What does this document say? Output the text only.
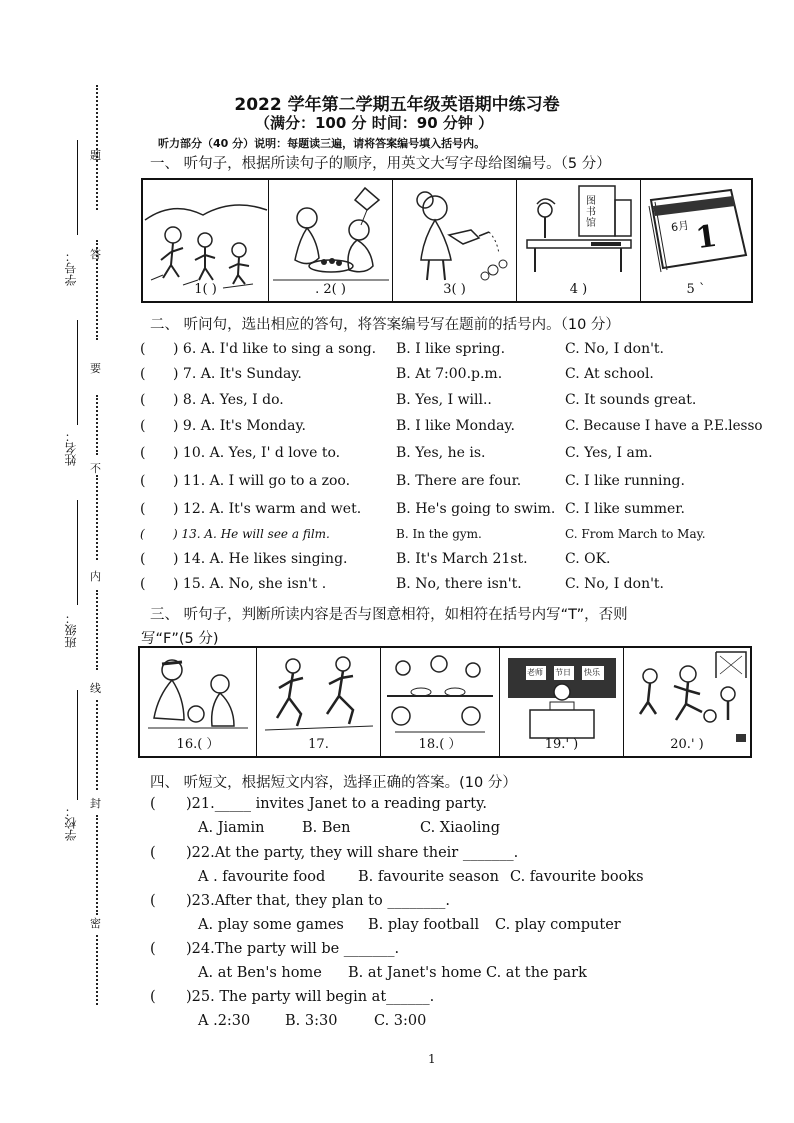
题
答
要
不
内
线
封
密
学号：
姓名：
班级：
学校：
2022 学年第二学期五年级英语期中练习卷
（满分：100 分 时间：90 分钟 ）
听力部分（40 分）说明：每题读三遍，请将答案编号填入括号内。
一、 听句子，根据所读句子的顺序，用英文大写字母给图编号。（5 分）
1( )	. 2( )	3( )
图书馆
4 )
6月 1
5 `
二、 听问句，选出相应的答句，将答案编号写在题前的括号内。（10 分）
( ) 6. A. I'd like to sing a song. B. I like spring.	C. No, I don't.
( ) 7. A. It's Sunday.	B. At 7:00.p.m.	C. At school.
( ) 8. A. Yes, I do.	B. Yes, I will..	C. It sounds great.
( ) 9. A. It's Monday.	B. I like Monday.	C. Because I have a P.E.lesso
( ) 10. A. Yes, I' d love to.	B. Yes, he is.	C. Yes, I am.
( ) 11. A. I will go to a zoo.	B. There are four.	C. I like running.
( ) 12. A. It's warm and wet. B. He's going to swim. C. I like summer.
( ) 13. A. He will see a film.	B. In the gym.	C. From March to May.
( ) 14. A. He likes singing.	B. It's March 21st.	C. OK.
( ) 15. A. No, she isn't .	B. No, there isn't.	C. No, I don't.
三、 听句子，判断所读内容是否与图意相符，如相符在括号内写“T”，否则
写“F”(5 分)
16.( ）	17.	18.( ）
老师 节日 快乐
19.' )	20.' )
四、 听短文，根据短文内容，选择正确的答案。(10 分）
( )21._____ invites Janet to a reading party.
A. Jiamin	B. Ben	C. Xiaoling
( )22.At the party, they will share their _______.
A . favourite food B. favourite season C. favourite books
( )23.After that, they plan to ________.
A. play some games B. play football C. play computer
( )24.The party will be _______.
A. at Ben's home B. at Janet's home C. at the park
( )25. The party will begin at______.
A .2:30 B. 3:30	C. 3:00
1
